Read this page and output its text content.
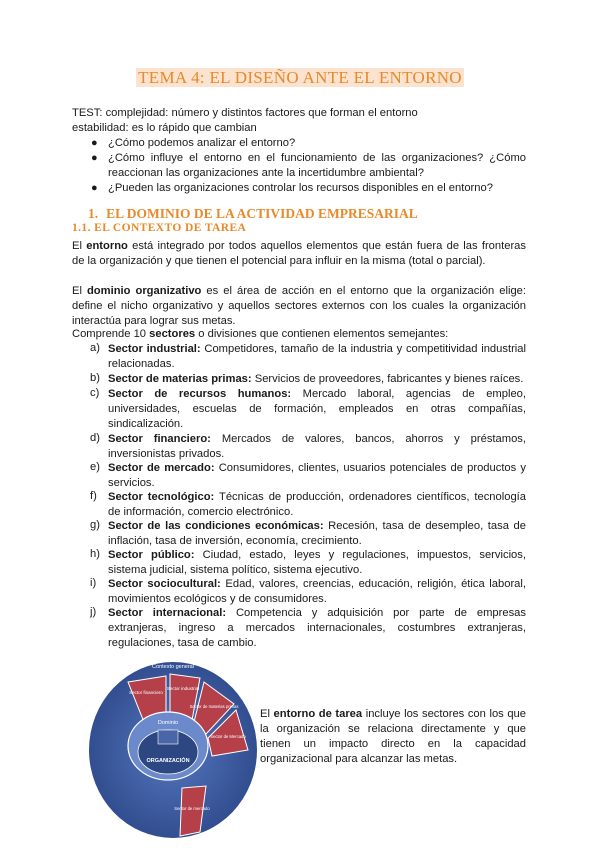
TEMA 4: EL DISEÑO ANTE EL ENTORNO
TEST: complejidad: número y distintos factores que forman el entorno
estabilidad: es lo rápido que cambian
● ¿Cómo podemos analizar el entorno?
● ¿Cómo influye el entorno en el funcionamiento de las organizaciones? ¿Cómo reaccionan las organizaciones ante la incertidumbre ambiental?
● ¿Pueden las organizaciones controlar los recursos disponibles en el entorno?
1. EL DOMINIO DE LA ACTIVIDAD EMPRESARIAL
1.1. EL CONTEXTO DE TAREA
El entorno está integrado por todos aquellos elementos que están fuera de las fronteras de la organización y que tienen el potencial para influir en la misma (total o parcial).
El dominio organizativo es el área de acción en el entorno que la organización elige: define el nicho organizativo y aquellos sectores externos con los cuales la organización interactúa para lograr sus metas.
Comprende 10 sectores o divisiones que contienen elementos semejantes:
a) Sector industrial: Competidores, tamaño de la industria y competitividad industrial relacionadas.
b) Sector de materias primas: Servicios de proveedores, fabricantes y bienes raíces.
c) Sector de recursos humanos: Mercado laboral, agencias de empleo, universidades, escuelas de formación, empleados en otras compañías, sindicalización.
d) Sector financiero: Mercados de valores, bancos, ahorros y préstamos, inversionistas privados.
e) Sector de mercado: Consumidores, clientes, usuarios potenciales de productos y servicios.
f) Sector tecnológico: Técnicas de producción, ordenadores científicos, tecnología de información, comercio electrónico.
g) Sector de las condiciones económicas: Recesión, tasa de desempleo, tasa de inflación, tasa de inversión, economía, crecimiento.
h) Sector público: Ciudad, estado, leyes y regulaciones, impuestos, servicios, sistema judicial, sistema político, sistema ejecutivo.
i) Sector sociocultural: Edad, valores, creencias, educación, religión, ética laboral, movimientos ecológicos y de consumidores.
j) Sector internacional: Competencia y adquisición por parte de empresas extranjeras, ingreso a mercados internacionales, costumbres extranjeras, regulaciones, tasa de cambio.
Contexto general
Sector financiero
Sector industrial
Sector de materias primas
Sector de Mercado
Sector de mercado
Dominio
ORGANIZACIÓN
El entorno de tarea incluye los sectores con los que la organización se relaciona directamente y que tienen un impacto directo en la capacidad organizacional para alcanzar las metas.
